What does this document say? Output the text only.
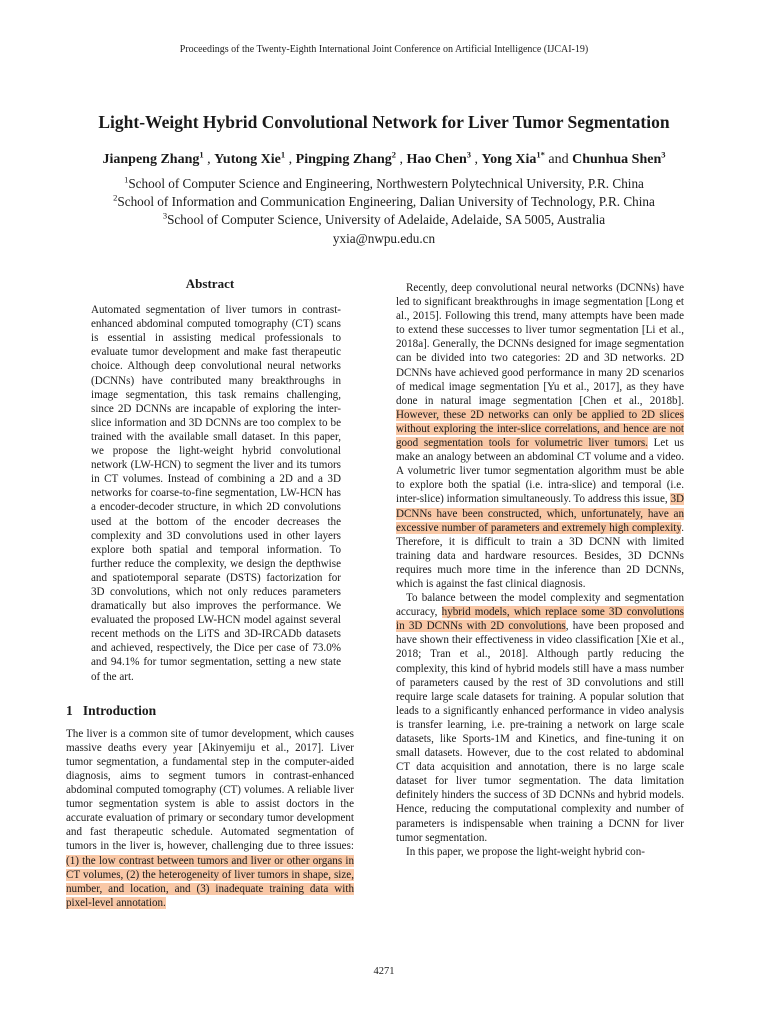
Proceedings of the Twenty-Eighth International Joint Conference on Artificial Intelligence (IJCAI-19)
Light-Weight Hybrid Convolutional Network for Liver Tumor Segmentation
Jianpeng Zhang$^1$ , Yutong Xie$^1$ , Pingping Zhang$^2$ , Hao Chen$^3$ , Yong Xia$^{1*}$ and Chunhua Shen$^3$
$^1$School of Computer Science and Engineering, Northwestern Polytechnical University, P.R. China
$^2$School of Information and Communication Engineering, Dalian University of Technology, P.R. China
$^3$School of Computer Science, University of Adelaide, Adelaide, SA 5005, Australia
yxia@nwpu.edu.cn
Abstract

Automated segmentation of liver tumors in contrast-enhanced abdominal computed tomography (CT) scans is essential in assisting medical professionals to evaluate tumor development and make fast therapeutic choice. Although deep convolutional neural networks (DCNNs) have contributed many breakthroughs in image segmentation, this task remains challenging, since 2D DCNNs are incapable of exploring the inter-slice information and 3D DCNNs are too complex to be trained with the available small dataset. In this paper, we propose the light-weight hybrid convolutional network (LW-HCN) to segment the liver and its tumors in CT volumes. Instead of combining a 2D and a 3D networks for coarse-to-fine segmentation, LW-HCN has a encoder-decoder structure, in which 2D convolutions used at the bottom of the encoder decreases the complexity and 3D convolutions used in other layers explore both spatial and temporal information. To further reduce the complexity, we design the depthwise and spatiotemporal separate (DSTS) factorization for 3D convolutions, which not only reduces parameters dramatically but also improves the performance. We evaluated the proposed LW-HCN model against several recent methods on the LiTS and 3D-IRCADb datasets and achieved, respectively, the Dice per case of 73.0% and 94.1% for tumor segmentation, setting a new state of the art.

1 Introduction

The liver is a common site of tumor development, which causes massive deaths every year [Akinyemiju et al., 2017]. Liver tumor segmentation, a fundamental step in the computer-aided diagnosis, aims to segment tumors in contrast-enhanced abdominal computed tomography (CT) volumes. A reliable liver tumor segmentation system is able to assist doctors in the accurate evaluation of primary or secondary tumor development and fast therapeutic schedule. Automated segmentation of tumors in the liver is, however, challenging due to three issues: (1) the low contrast between tumors and liver or other organs in CT volumes, (2) the heterogeneity of liver tumors in shape, size, number, and location, and (3) inadequate training data with pixel-level annotation.

Recently, deep convolutional neural networks (DCNNs) have led to significant breakthroughs in image segmentation [Long et al., 2015]. Following this trend, many attempts have been made to extend these successes to liver tumor segmentation [Li et al., 2018a]. Generally, the DCNNs designed for image segmentation can be divided into two categories: 2D and 3D networks. 2D DCNNs have achieved good performance in many 2D scenarios of medical image segmentation [Yu et al., 2017], as they have done in natural image segmentation [Chen et al., 2018b]. However, these 2D networks can only be applied to 2D slices without exploring the inter-slice correlations, and hence are not good segmentation tools for volumetric liver tumors. Let us make an analogy between an abdominal CT volume and a video. A volumetric liver tumor segmentation algorithm must be able to explore both the spatial (i.e. intra-slice) and temporal (i.e. inter-slice) information simultaneously. To address this issue, 3D DCNNs have been constructed, which, unfortunately, have an excessive number of parameters and extremely high complexity. Therefore, it is difficult to train a 3D DCNN with limited training data and hardware resources. Besides, 3D DCNNs requires much more time in the inference than 2D DCNNs, which is against the fast clinical diagnosis.

To balance between the model complexity and segmentation accuracy, hybrid models, which replace some 3D convolutions in 3D DCNNs with 2D convolutions, have been proposed and have shown their effectiveness in video classification [Xie et al., 2018; Tran et al., 2018]. Although partly reducing the complexity, this kind of hybrid models still have a mass number of parameters caused by the rest of 3D convolutions and still require large scale datasets for training. A popular solution that leads to a significantly enhanced performance in video analysis is transfer learning, i.e. pre-training a network on large scale datasets, like Sports-1M and Kinetics, and fine-tuning it on small datasets. However, due to the cost related to abdominal CT data acquisition and annotation, there is no large scale dataset for liver tumor segmentation. The data limitation definitely hinders the success of 3D DCNNs and hybrid models. Hence, reducing the computational complexity and number of parameters is indispensable when training a DCNN for liver tumor segmentation.

In this paper, we propose the light-weight hybrid con-

4271
